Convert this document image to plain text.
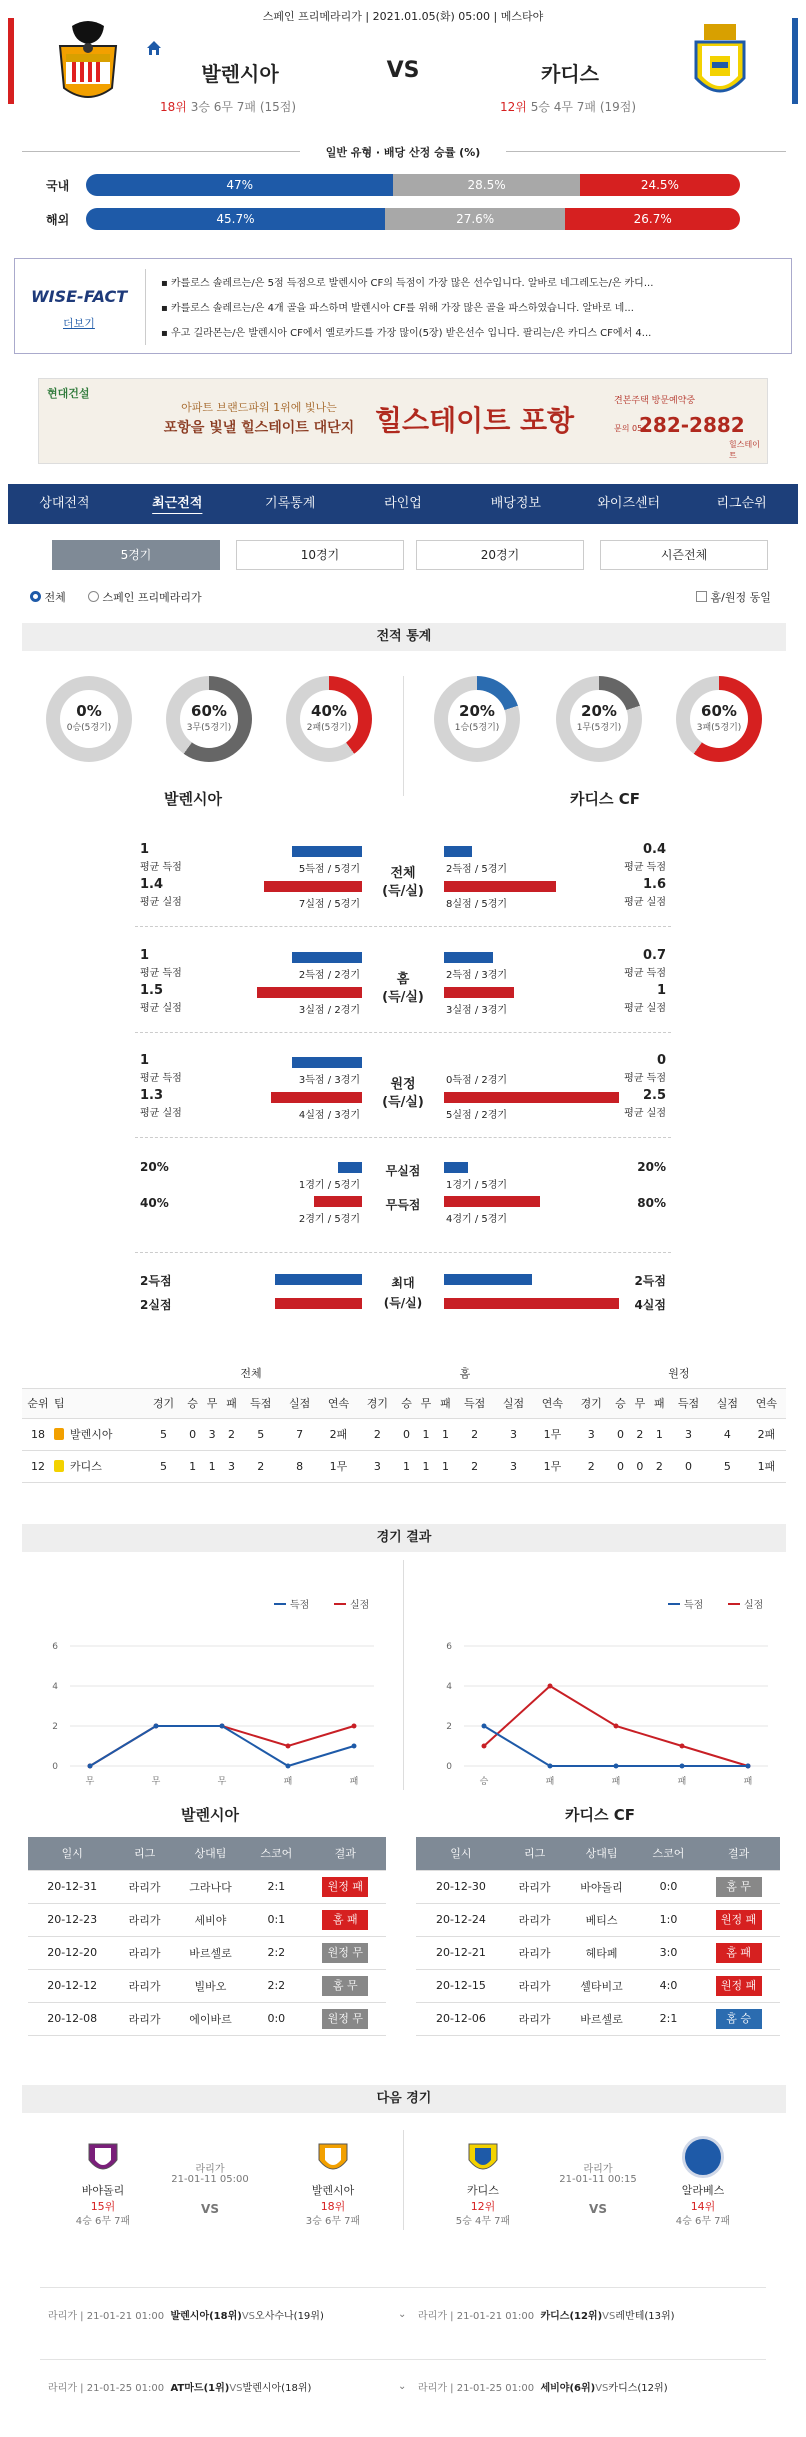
스페인 프리메라리가 | 2021.01.05(화) 05:00 | 메스타야
발렌시아	VS	카디스
18위 3승 6무 7패 (15점)	12위 5승 4무 7패 (19점)
일반 유형 · 배당 산정 승률 (%)
WISE-FACT
더보기
▪ 카를로스 솔레르는/은 5점 득점으로 발렌시아 CF의 득점이 가장 많은 선수입니다. 알바로 네그레도는/은 카디...
▪ 카를로스 솔레르는/은 4개 골을 파스하며 발렌시아 CF를 위해 가장 많은 골을 파스하였습니다. 알바로 네...
▪ 우고 길라몬는/은 발렌시아 CF에서 옐로카드를 가장 많이(5장) 받은선수 입니다. 팔리는/은 카디스 CF에서 4...
현대건설
아파트 브랜드파워 1위에 빛나는
포항을 빛낼 힐스테이트 대단지 힐스테이트 포항
견본주택 방문예약중
문의 054
282-2882
힐스테이트
상대전적	최근전적	기록통계	라인업	배당정보	와이즈센터	리그순위
전체	스페인 프리메라리가	홈/원정 동일
전적 통계
발렌시아	카디스 CF
		전체							홈							원정						
순위	팀	경기	승	무	패	득점	실점	연속	경기	승	무	패	득점	실점	연속	경기	승	무	패	득점	실점	연속
18	발렌시아	5	0	3	2	5	7	2패	2	0	1	1	2	3	1무	3	0	2	1	3	4	2패
12	카디스	5	1	1	3	2	8	1무	3	1	1	1	2	3	1무	2	0	0	2	0	5	1패
경기 결과
발렌시아	카디스 CF
일시	리그	상대팀	스코어	결과
20-12-31	라리가	그라나다	2:1	원정 패
20-12-23	라리가	세비야	0:1	홈 패
20-12-20	라리가	바르셀로	2:2	원정 무
20-12-12	라리가	빌바오	2:2	홈 무
20-12-08	라리가	에이바르	0:0	원정 무
일시	리그	상대팀	스코어	결과
20-12-30	라리가	바야돌리	0:0	홈 무
20-12-24	라리가	베티스	1:0	원정 패
20-12-21	라리가	헤타페	3:0	홈 패
20-12-15	라리가	셀타비고	4:0	원정 패
20-12-06	라리가	바르셀로	2:1	홈 승
다음 경기
국내	47%	28.5%	24.5%
해외	45.7%	27.6%	26.7%
5경기	10경기	20경기	시즌전체
0%
0승(5경기)
60%
3무(5경기)
40%
2패(5경기)
20%
1승(5경기)
20%
1무(5경기)
60%
3패(5경기)
1
평균 득점
1.4
평균 실점
5득점 / 5경기
7실점 / 5경기
전체
(득/실)
2득점 / 5경기
8실점 / 5경기
0.4
평균 득점
1.6
평균 실점
1
평균 득점
1.5
평균 실점
2득점 / 2경기
3실점 / 2경기
홈
(득/실)
2득점 / 3경기
3실점 / 3경기
0.7
평균 득점
1
평균 실점
1
평균 득점
1.3
평균 실점
3득점 / 3경기
4실점 / 3경기
원정
(득/실)
0득점 / 2경기
5실점 / 2경기
0
평균 득점
2.5
평균 실점
20%
40%
1경기 / 5경기
2경기 / 5경기
무실점
무득점
1경기 / 5경기
4경기 / 5경기
20%
80%
2득점
2실점
최대
(득/실)
2득점
4실점
득점	실점
0
2
4
6
무	무	무	패	패
득점	실점
0
2
4
6
승	패	패	패	패
바야돌리
15위
4승 6무 7패
라리가
21-01-11 05:00
VS
발렌시아
18위
3승 6무 7패
카디스
12위
5승 4무 7패
라리가
21-01-11 00:15
VS
알라베스
14위
4승 6무 7패
라리가 | 21-01-21 01:00 발렌시아(18위)VS오사수나(19위)	⌄ 라리가 | 21-01-21 01:00 카디스(12위)VS레반테(13위)
라리가 | 21-01-25 01:00 AT마드(1위)VS발렌시아(18위)	⌄ 라리가 | 21-01-25 01:00 세비야(6위)VS카디스(12위)
